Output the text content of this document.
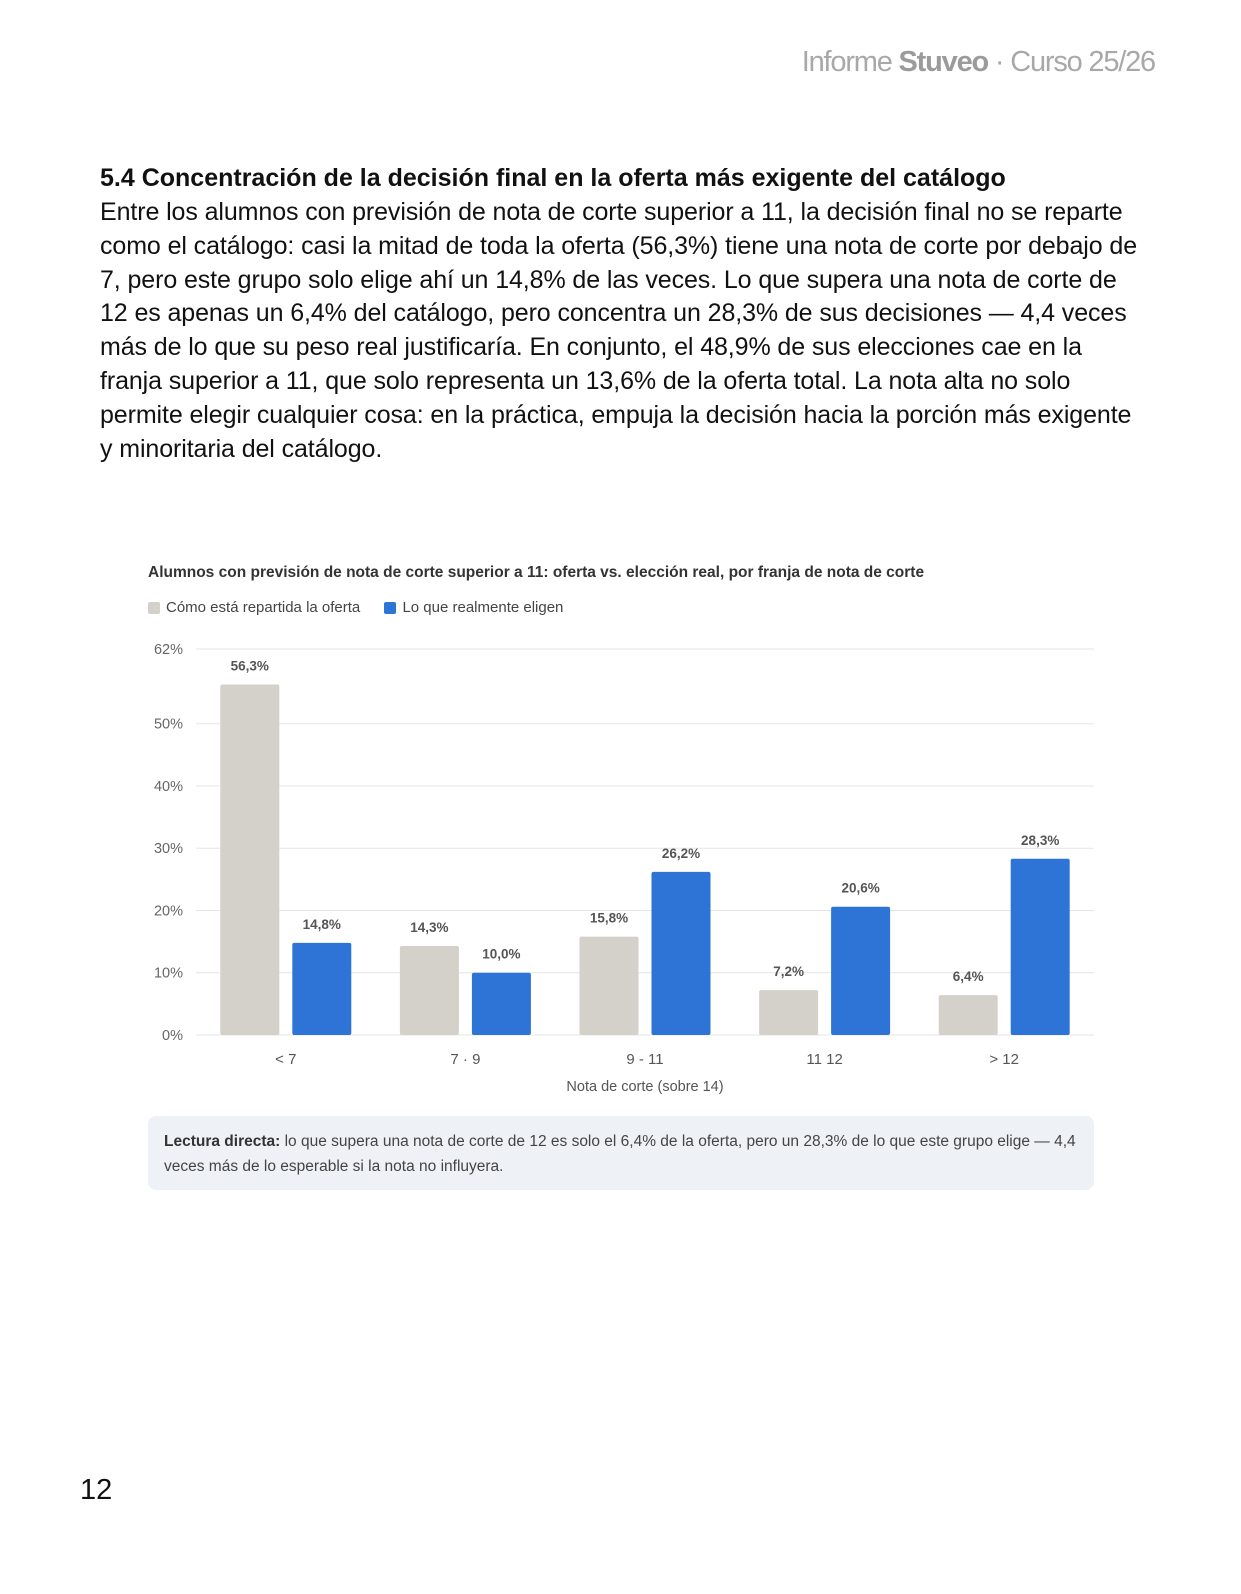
Informe Stuveo · Curso 25/26
5.4 Concentración de la decisión final en la oferta más exigente del catálogo

Entre los alumnos con previsión de nota de corte superior a 11, la decisión final no se reparte como el catálogo: casi la mitad de toda la oferta (56,3%) tiene una nota de corte por debajo de 7, pero este grupo solo elige ahí un 14,8% de las veces. Lo que supera una nota de corte de 12 es apenas un 6,4% del catálogo, pero concentra un 28,3% de sus decisiones — 4,4 veces más de lo que su peso real justificaría. En conjunto, el 48,9% de sus elecciones cae en la franja superior a 11, que solo representa un 13,6% de la oferta total. La nota alta no solo permite elegir cualquier cosa: en la práctica, empuja la decisión hacia la porción más exigente y minoritaria del catálogo.

Alumnos con previsión de nota de corte superior a 11: oferta vs. elección real, por franja de nota de corte
Cómo está repartida la oferta
	Lo que realmente eligen
0%
10%
20%
30%
40%
50%
62%
56,3%
14,8%
< 7
14,3%
10,0%
7 · 9
15,8%
26,2%
9 - 11
7,2%
20,6%
11 12
6,4%
28,3%
> 12
Nota de corte (sobre 14)
Lectura directa: lo que supera una nota de corte de 12 es solo el 6,4% de la oferta, pero un 28,3% de lo que este grupo elige — 4,4 veces más de lo esperable si la nota no influyera.
12
